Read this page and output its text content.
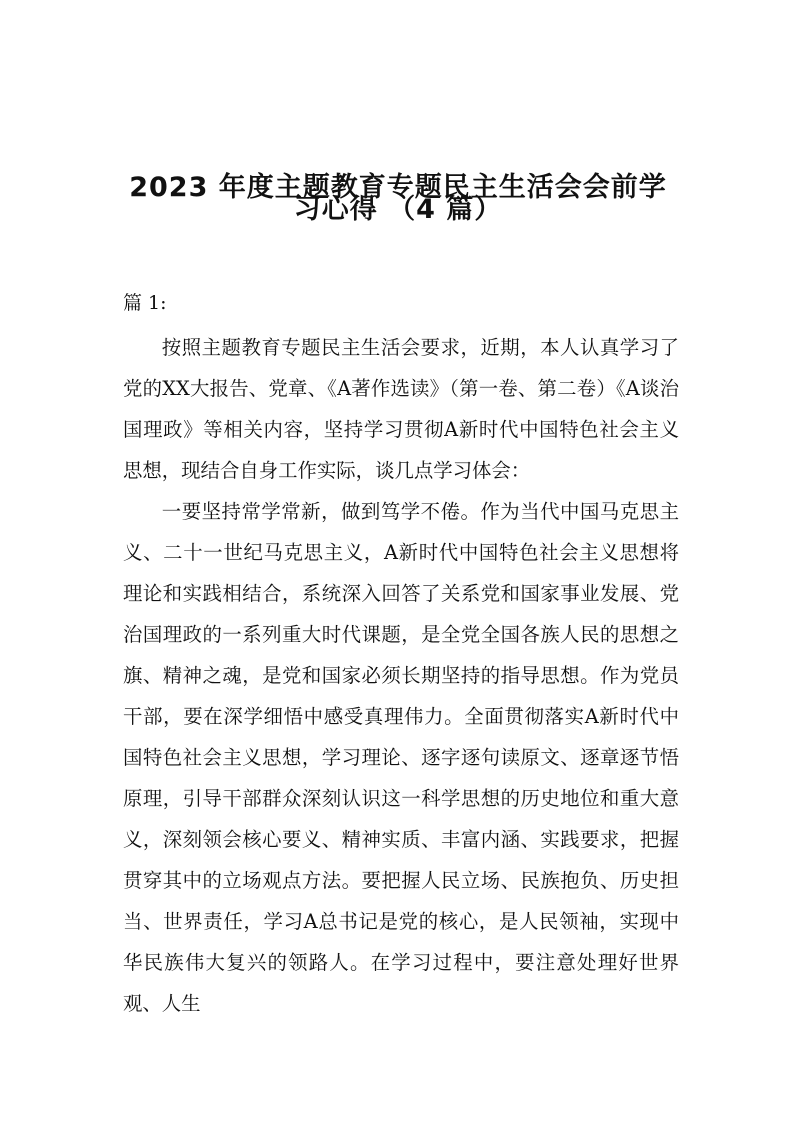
2023 年度主题教育专题民主生活会会前学
习心得 （4 篇）

篇 1:

按照主题教育专题民主生活会要求，近期，本人认真学习了党的XX大报告、党章、《A著作选读》（第一卷、第二卷）《A谈治国理政》等相关内容，坚持学习贯彻A新时代中国特色社会主义思想，现结合自身工作实际，谈几点学习体会：

一要坚持常学常新，做到笃学不倦。作为当代中国马克思主义、二十一世纪马克思主义，A新时代中国特色社会主义思想将理论和实践相结合，系统深入回答了关系党和国家事业发展、党治国理政的一系列重大时代课题，是全党全国各族人民的思想之旗、精神之魂，是党和国家必须长期坚持的指导思想。作为党员干部，要在深学细悟中感受真理伟力。全面贯彻落实A新时代中国特色社会主义思想，学习理论、逐字逐句读原文、逐章逐节悟原理，引导干部群众深刻认识这一科学思想的历史地位和重大意义，深刻领会核心要义、精神实质、丰富内涵、实践要求，把握贯穿其中的立场观点方法。要把握人民立场、民族抱负、历史担当、世界责任，学习A总书记是党的核心，是人民领袖，实现中华民族伟大复兴的领路人。在学习过程中，要注意处理好世界观、人生
